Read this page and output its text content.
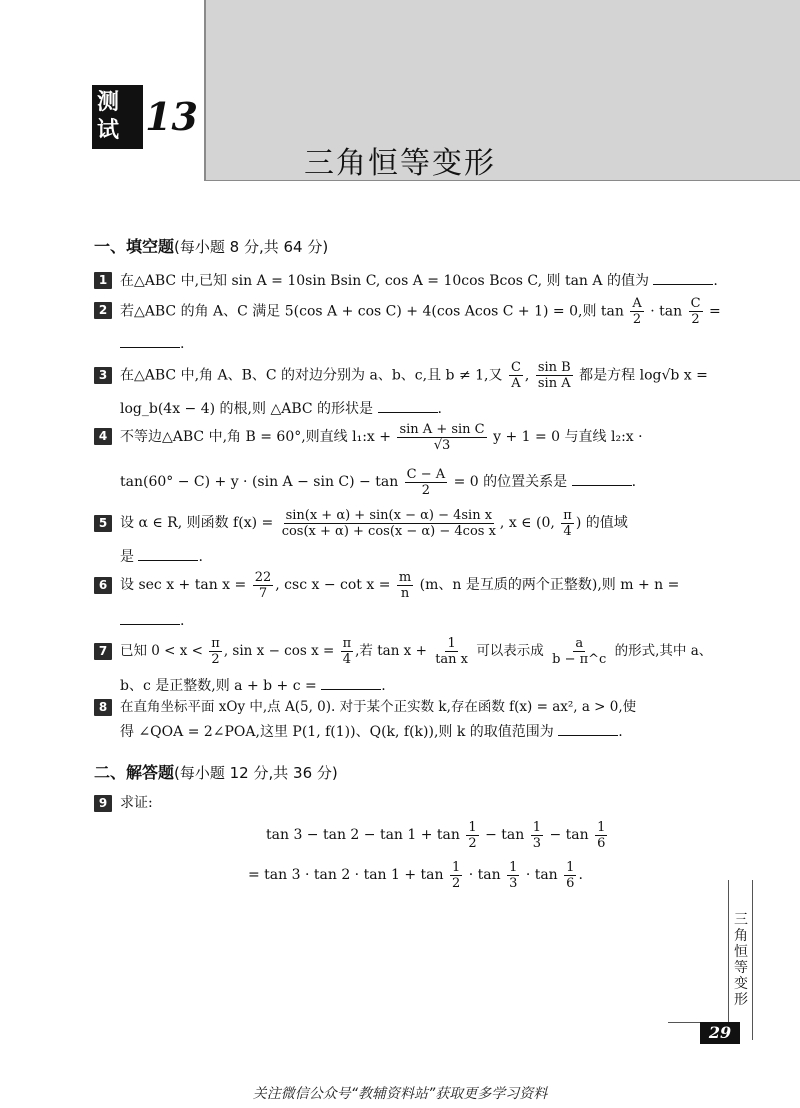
测试 13
三角恒等变形
一、填空题(每小题 8 分,共 64 分)
1 在△ABC 中,已知 sin A = 10sin Bsin C, cos A = 10cos Bcos C, 则 tan A 的值为	.
2 若△ABC 的角 A、C 满足 5(cos A + cos C) + 4(cos Acos C + 1) = 0,则 $\tan \frac{A}{2} \cdot \tan \frac{C}{2}$ =
.
3 在△ABC 中,角 A、B、C 的对边分别为 a、b、c,且 b ≠ 1,又 $\frac{C}{A}$ , $\frac{\text{sin B}}{\text{sin A}}$ 都是方程 log√b x =
log_b(4x − 4) 的根,则 △ABC 的形状是	.
4 不等边△ABC 中,角 B = 60°,则直线 l₁:x + $\frac{\text{sin A + sin C}}{√3}$ y + 1 = 0 与直线 l₂:x ·
tan(60° − C) + y · (sin $A - \sin C) - \tan \frac{C - A}{2} = 0$ 的位置关系是	.
5 设 α ∈ R, 则函数 $f(x) = \frac{\text{sin(x + α) + sin(x − α) − 4sin x}}{\text{cos(x + α) + cos(x − α) − 4cos x}}$ , x ∈ (0, $\frac{\pi}{4}$ ) 的值域
是	.
6 设 $\sec x + \tan x = \frac{22}{7}$ , $\csc x - \cot x = \frac{m}{n} (m$、n 是互质的两个正整数),则 m + n =
.
7 已知 $0 < x < \frac{\pi}{2}$ , $\sin x - \cos x = \frac{\pi}{4}$ ,若 $\tan x + \frac{1}{\text{tan x}}$ 可以表示成 $\frac{a}{b - \pi\^{}c}$ 的形式,其中 a、
b、c 是正整数,则 a + b + c =	.
8 在直角坐标平面 xOy 中,点 A(5, 0). 对于某个正实数 k,存在函数 f(x) = ax², a > 0,使
得 ∠QOA = 2∠POA,这里 P(1, f(1))、Q(k, f(k)),则 k 的取值范围为	.
二、解答题(每小题 12 分,共 36 分)
9 求证:
$\tan 3 - \tan 2 - \tan 1 + \tan \frac{1}{2} - \tan \frac{1}{3} - \tan \frac{1}{6}$
= $\tan 3 \cdot \tan 2 \cdot \tan 1 + \tan \frac{1}{2} \cdot \tan \frac{1}{3} \cdot \tan \frac{1}{6}$ .
三角恒等变形
29
关注微信公众号“教辅资料站”获取更多学习资料
